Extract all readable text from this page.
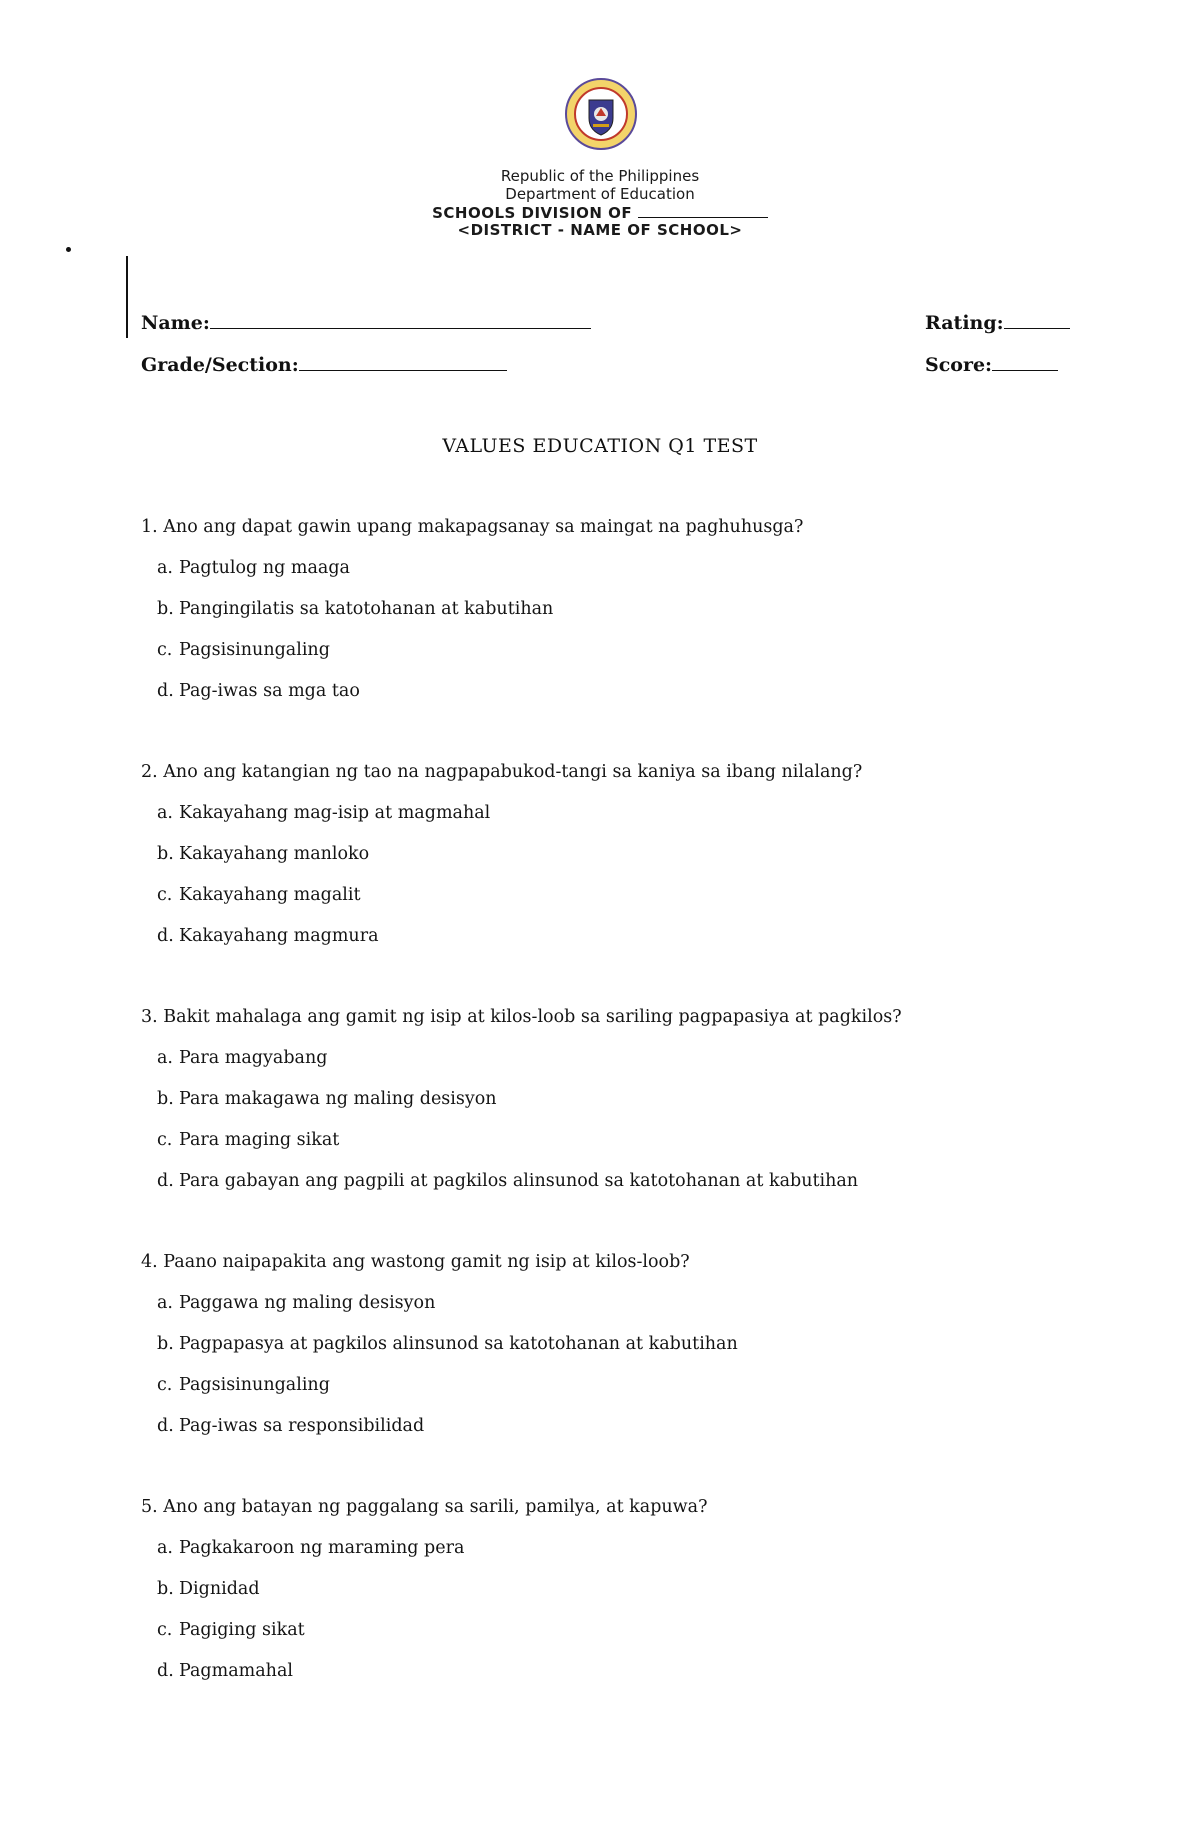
Republic of the Philippines
Department of Education
SCHOOLS DIVISION OF
<DISTRICT - NAME OF SCHOOL>
Name:	Rating:
Grade/Section:	Score:
VALUES EDUCATION Q1 TEST
1. Ano ang dapat gawin upang makapagsanay sa maingat na paghuhusga?
a. Pagtulog ng maaga
b. Pangingilatis sa katotohanan at kabutihan
c. Pagsisinungaling
d. Pag-iwas sa mga tao
2. Ano ang katangian ng tao na nagpapabukod-tangi sa kaniya sa ibang nilalang?
a. Kakayahang mag-isip at magmahal
b. Kakayahang manloko
c. Kakayahang magalit
d. Kakayahang magmura
3. Bakit mahalaga ang gamit ng isip at kilos-loob sa sariling pagpapasiya at pagkilos?
a. Para magyabang
b. Para makagawa ng maling desisyon
c. Para maging sikat
d. Para gabayan ang pagpili at pagkilos alinsunod sa katotohanan at kabutihan
4. Paano naipapakita ang wastong gamit ng isip at kilos-loob?
a. Paggawa ng maling desisyon
b. Pagpapasya at pagkilos alinsunod sa katotohanan at kabutihan
c. Pagsisinungaling
d. Pag-iwas sa responsibilidad
5. Ano ang batayan ng paggalang sa sarili, pamilya, at kapuwa?
a. Pagkakaroon ng maraming pera
b. Dignidad
c. Pagiging sikat
d. Pagmamahal
